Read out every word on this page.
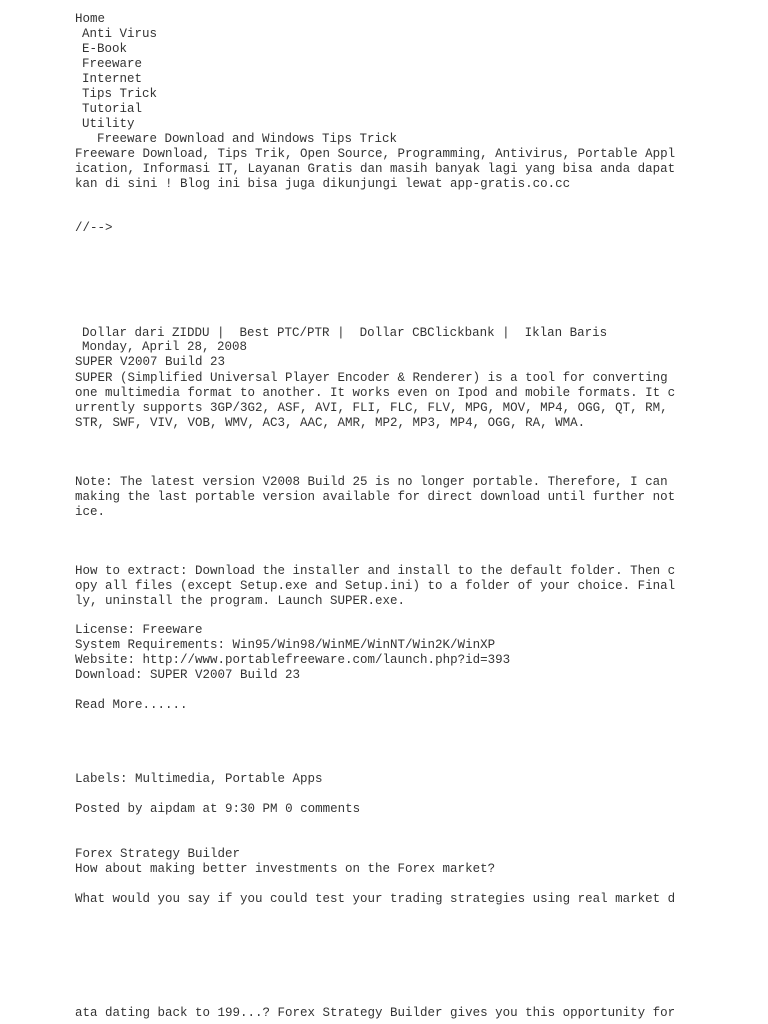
Home
Anti Virus
E-Book
Freeware
Internet
Tips Trick
Tutorial
Utility
Freeware Download and Windows Tips Trick
Freeware Download, Tips Trik, Open Source, Programming, Antivirus, Portable Appl
ication, Informasi IT, Layanan Gratis dan masih banyak lagi yang bisa anda dapat
kan di sini ! Blog ini bisa juga dikunjungi lewat app-gratis.co.cc
//-->
Dollar dari ZIDDU |  Best PTC/PTR |  Dollar CBClickbank |  Iklan Baris
Monday, April 28, 2008
SUPER V2007 Build 23
SUPER (Simplified Universal Player Encoder & Renderer) is a tool for converting
one multimedia format to another. It works even on Ipod and mobile formats. It c
urrently supports 3GP/3G2, ASF, AVI, FLI, FLC, FLV, MPG, MOV, MP4, OGG, QT, RM,
STR, SWF, VIV, VOB, WMV, AC3, AAC, AMR, MP2, MP3, MP4, OGG, RA, WMA.
Note: The latest version V2008 Build 25 is no longer portable. Therefore, I can
making the last portable version available for direct download until further not
ice.
How to extract: Download the installer and install to the default folder. Then c
opy all files (except Setup.exe and Setup.ini) to a folder of your choice. Final
ly, uninstall the program. Launch SUPER.exe.
License: Freeware
System Requirements: Win95/Win98/WinME/WinNT/Win2K/WinXP
Website: http://www.portablefreeware.com/launch.php?id=393
Download: SUPER V2007 Build 23
Read More......
Labels: Multimedia, Portable Apps
Posted by aipdam at 9:30 PM 0 comments
Forex Strategy Builder
How about making better investments on the Forex market?
What would you say if you could test your trading strategies using real market d
ata dating back to 199...? Forex Strategy Builder gives you this opportunity for
